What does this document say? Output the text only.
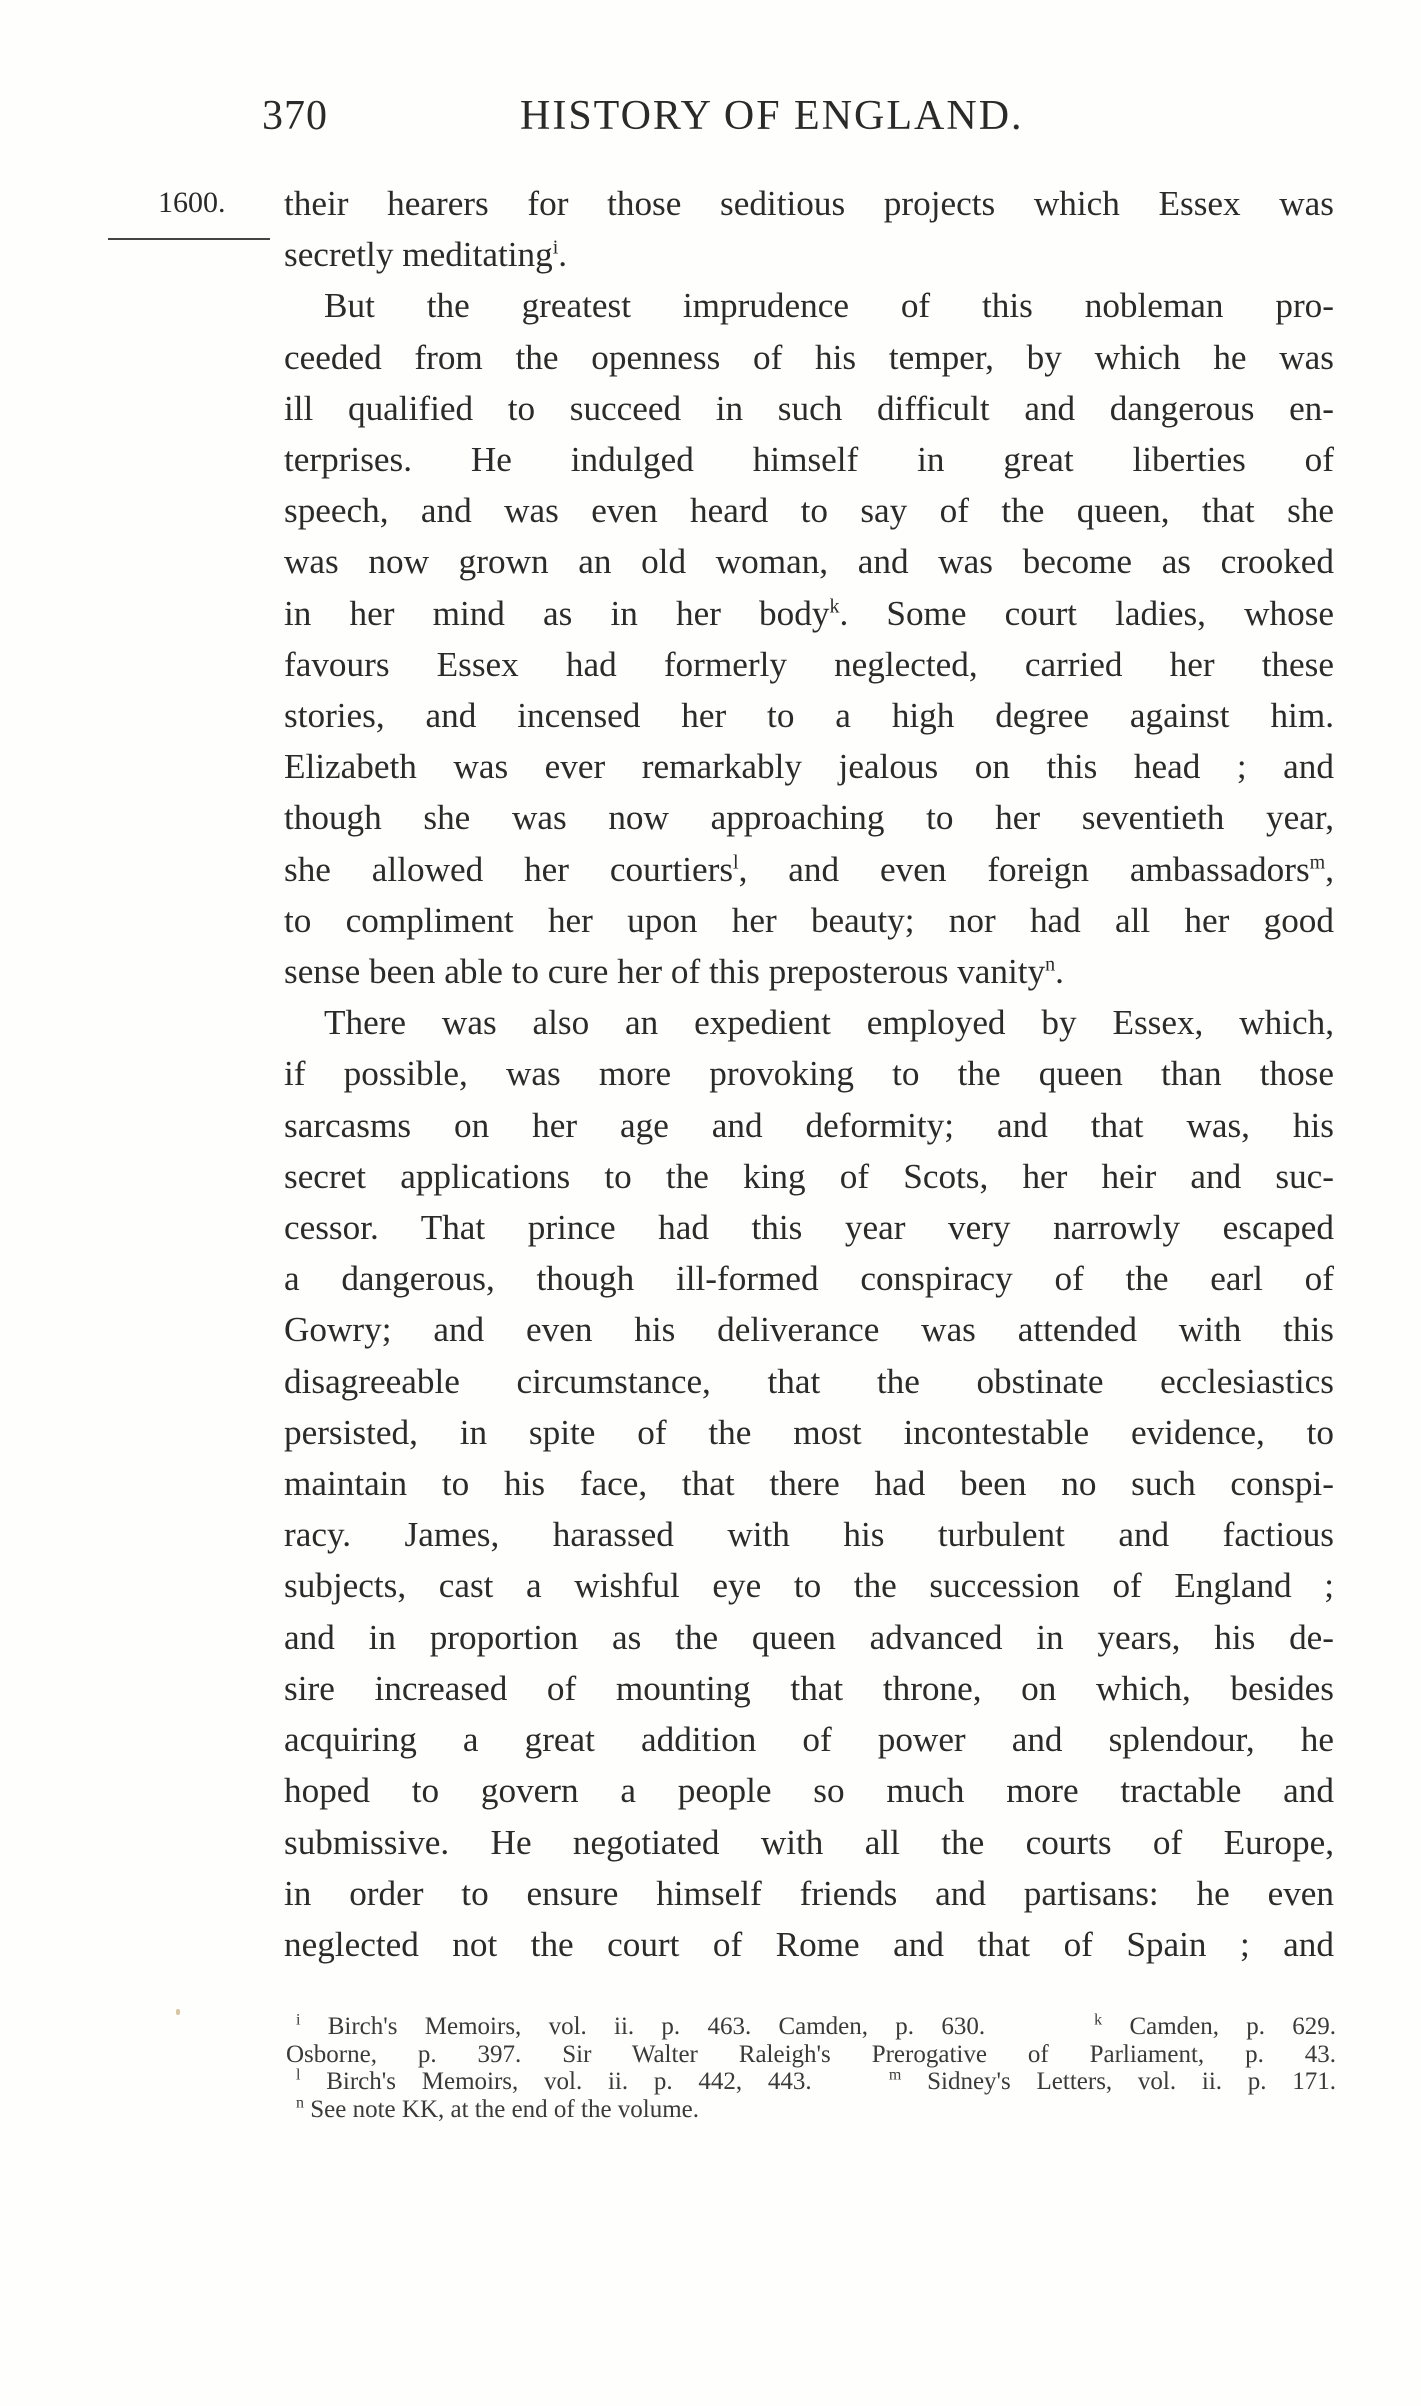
370	HISTORY OF ENGLAND.
1600. their hearers for those seditious projects which Essex was
secretly meditating$^i$.
But the greatest imprudence of this nobleman pro-
ceeded from the openness of his temper, by which he was
ill qualified to succeed in such difficult and dangerous en-
terprises. He indulged himself in great liberties of
speech, and was even heard to say of the queen, that she
was now grown an old woman, and was become as crooked
in her mind as in her body$^k$. Some court ladies, whose
favours Essex had formerly neglected, carried her these
stories, and incensed her to a high degree against him.
Elizabeth was ever remarkably jealous on this head ; and
though she was now approaching to her seventieth year,
she allowed her courtiers$^l$, and even foreign ambassadors$^m$,
to compliment her upon her beauty; nor had all her good
sense been able to cure her of this preposterous vanity$^n$.
There was also an expedient employed by Essex, which,
if possible, was more provoking to the queen than those
sarcasms on her age and deformity; and that was, his
secret applications to the king of Scots, her heir and suc-
cessor. That prince had this year very narrowly escaped
a dangerous, though ill-formed conspiracy of the earl of
Gowry; and even his deliverance was attended with this
disagreeable circumstance, that the obstinate ecclesiastics
persisted, in spite of the most incontestable evidence, to
maintain to his face, that there had been no such conspi-
racy. James, harassed with his turbulent and factious
subjects, cast a wishful eye to the succession of England ;
and in proportion as the queen advanced in years, his de-
sire increased of mounting that throne, on which, besides
acquiring a great addition of power and splendour, he
hoped to govern a people so much more tractable and
submissive. He negotiated with all the courts of Europe,
in order to ensure himself friends and partisans: he even
neglected not the court of Rome and that of Spain ; and
$^i$ Birch's Memoirs, vol. ii. p. 463. Camden, p. 630.	$^k$ Camden, p. 629.
Osborne, p. 397. Sir Walter Raleigh's Prerogative of Parliament, p. 43.
$^l$ Birch's Memoirs, vol. ii. p. 442, 443.	$^m$ Sidney's Letters, vol. ii. p. 171.
$^n$ See note KK, at the end of the volume.
